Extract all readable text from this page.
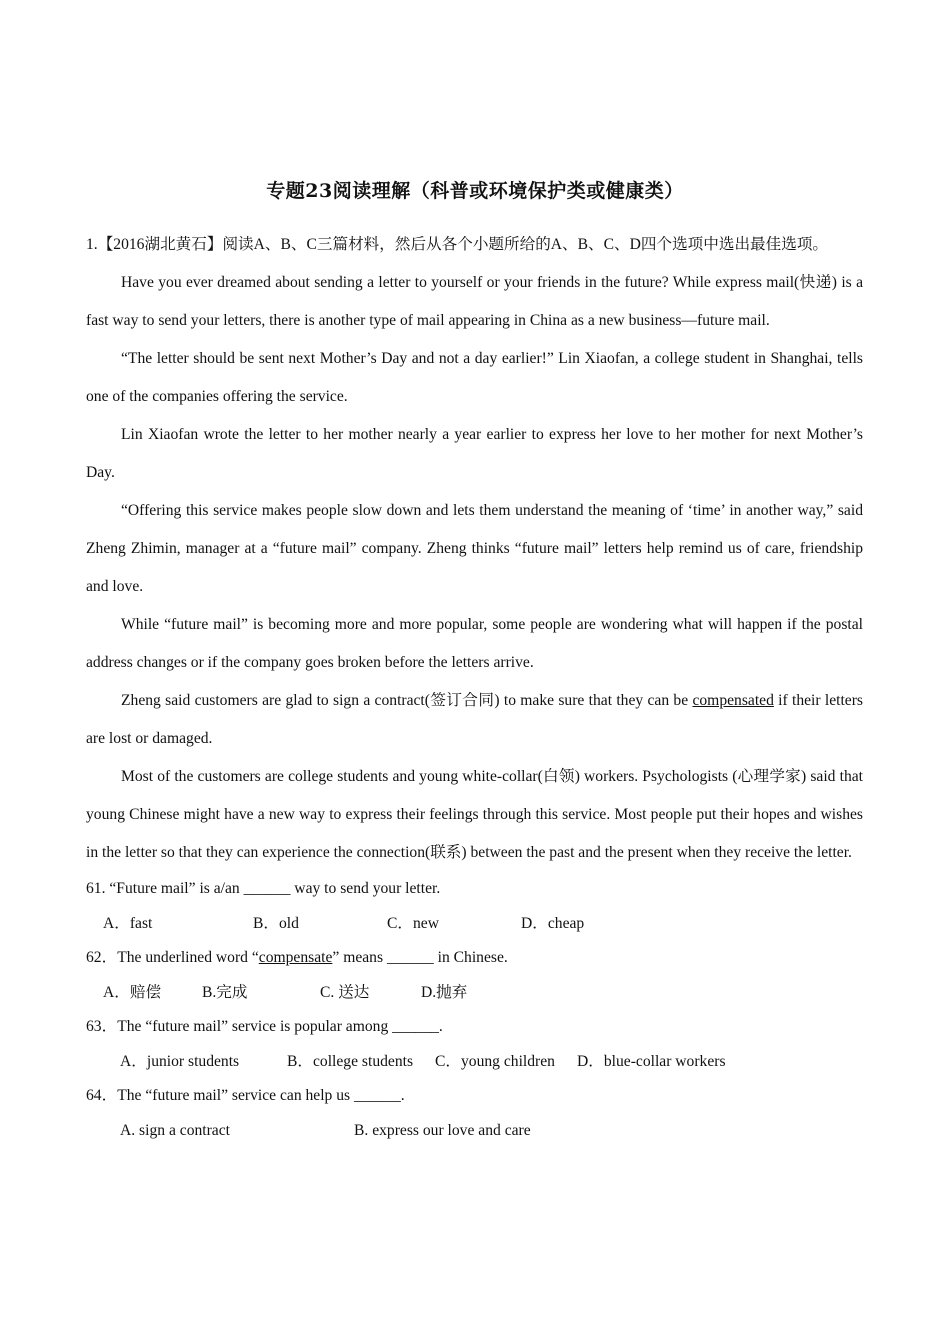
专题23阅读理解（科普或环境保护类或健康类）

1.【2016湖北黄石】阅读A、B、C三篇材料，然后从各个小题所给的A、B、C、D四个选项中选出最佳选项。

Have you ever dreamed about sending a letter to yourself or your friends in the future? While express mail(快递) is a fast way to send your letters, there is another type of mail appearing in China as a new business—future mail.

“The letter should be sent next Mother’s Day and not a day earlier!” Lin Xiaofan, a college student in Shanghai, tells one of the companies offering the service.

Lin Xiaofan wrote the letter to her mother nearly a year earlier to express her love to her mother for next Mother’s Day.

“Offering this service makes people slow down and lets them understand the meaning of ‘time’ in another way,” said Zheng Zhimin, manager at a “future mail” company. Zheng thinks “future mail” letters help remind us of care, friendship and love.

While “future mail” is becoming more and more popular, some people are wondering what will happen if the postal address changes or if the company goes broken before the letters arrive.

Zheng said customers are glad to sign a contract(签订合同) to make sure that they can be compensated if their letters are lost or damaged.

Most of the customers are college students and young white-collar(白领) workers. Psychologists (心理学家) said that young Chinese might have a new way to express their feelings through this service. Most people put their hopes and wishes in the letter so that they can experience the connection(联系) between the past and the present when they receive the letter.

61. “Future mail” is a/an ______ way to send your letter.

A．fast	B．old	C．new	D．cheap

62．The underlined word “compensate” means ______ in Chinese.

A．赔偿	B.完成	C. 送达	D.抛弃

63．The “future mail” service is popular among ______.

A．junior students	B．college students	C．young children	D．blue-collar workers

64．The “future mail” service can help us ______.

A. sign a contract	B. express our love and care
